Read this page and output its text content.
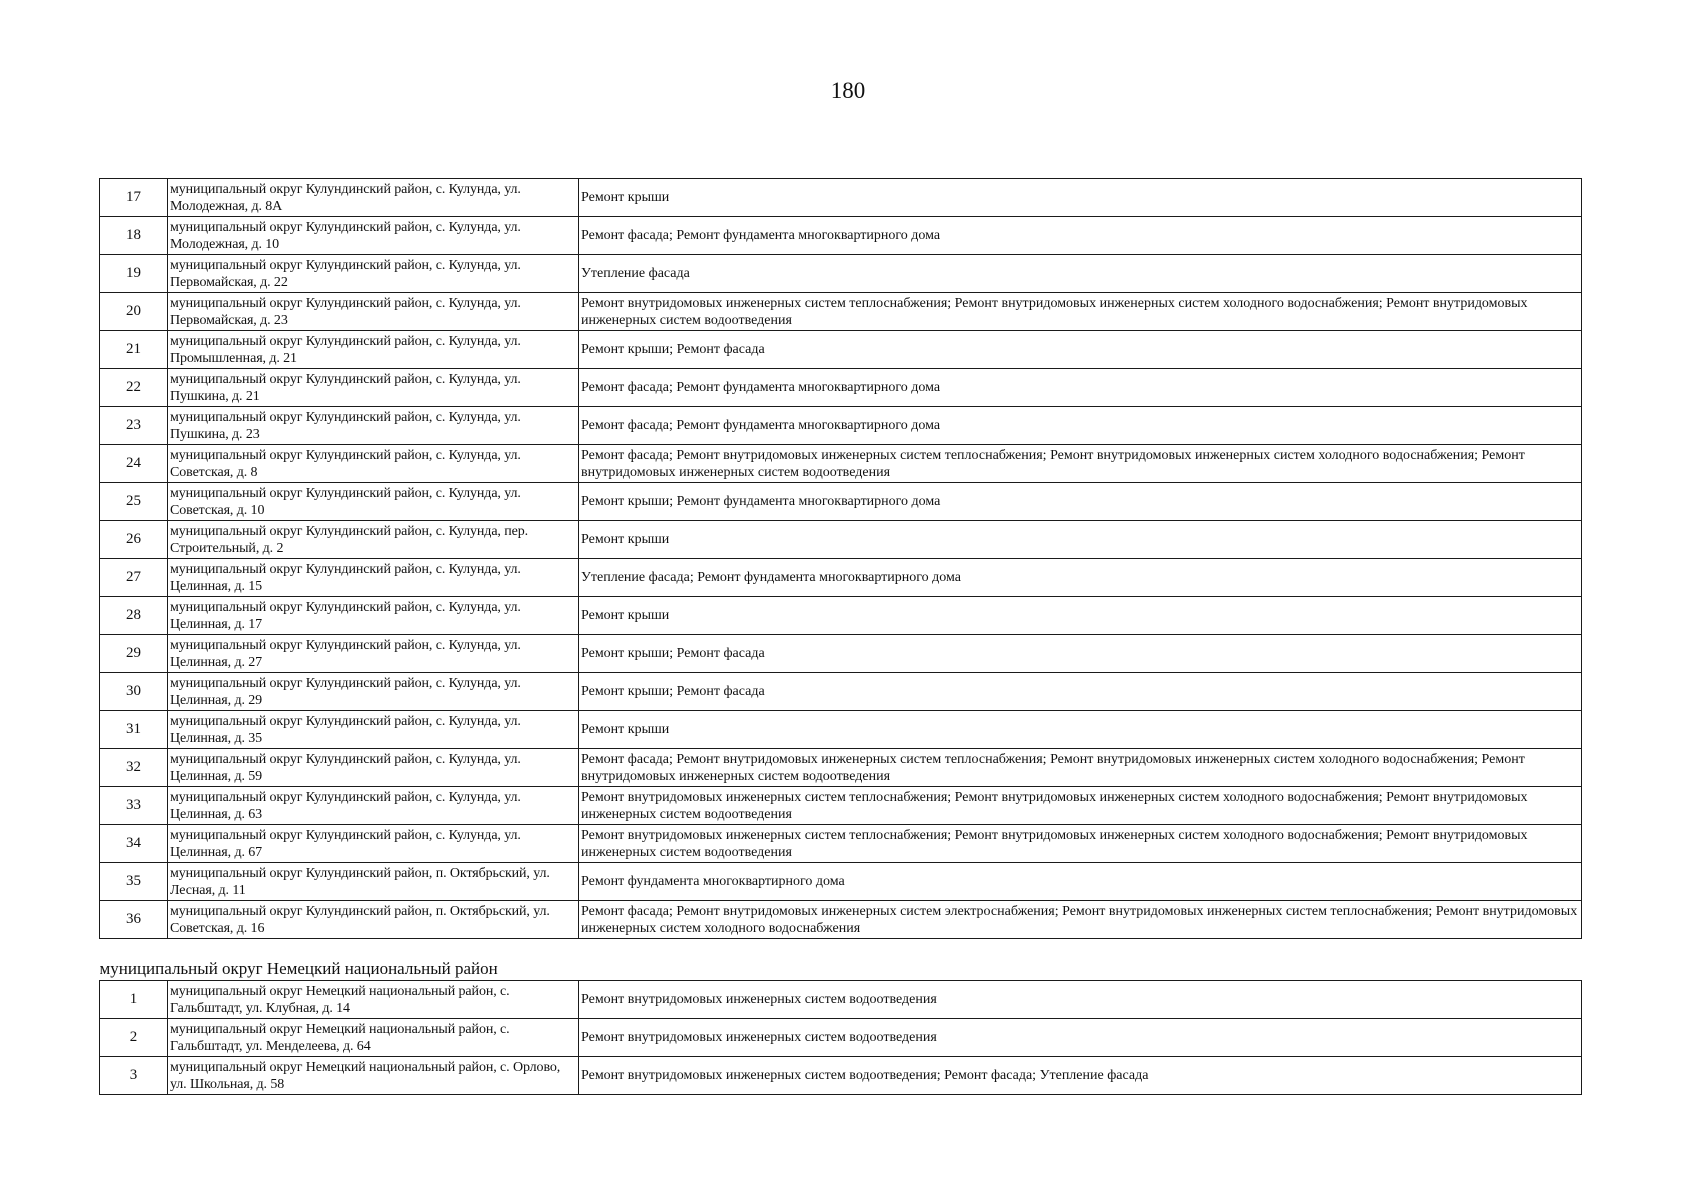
180
17	муниципальный округ Кулундинский район, с. Кулунда, ул. Молодежная, д. 8А	Ремонт крыши
18	муниципальный округ Кулундинский район, с. Кулунда, ул. Молодежная, д. 10	Ремонт фасада; Ремонт фундамента многоквартирного дома
19	муниципальный округ Кулундинский район, с. Кулунда, ул. Первомайская, д. 22	Утепление фасада
20	муниципальный округ Кулундинский район, с. Кулунда, ул. Первомайская, д. 23	Ремонт внутридомовых инженерных систем теплоснабжения; Ремонт внутридомовых инженерных систем холодного водоснабжения; Ремонт внутридомовых инженерных систем водоотведения
21	муниципальный округ Кулундинский район, с. Кулунда, ул. Промышленная, д. 21	Ремонт крыши; Ремонт фасада
22	муниципальный округ Кулундинский район, с. Кулунда, ул. Пушкина, д. 21	Ремонт фасада; Ремонт фундамента многоквартирного дома
23	муниципальный округ Кулундинский район, с. Кулунда, ул. Пушкина, д. 23	Ремонт фасада; Ремонт фундамента многоквартирного дома
24	муниципальный округ Кулундинский район, с. Кулунда, ул. Советская, д. 8	Ремонт фасада; Ремонт внутридомовых инженерных систем теплоснабжения; Ремонт внутридомовых инженерных систем холодного водоснабжения; Ремонт внутридомовых инженерных систем водоотведения
25	муниципальный округ Кулундинский район, с. Кулунда, ул. Советская, д. 10	Ремонт крыши; Ремонт фундамента многоквартирного дома
26	муниципальный округ Кулундинский район, с. Кулунда, пер. Строительный, д. 2	Ремонт крыши
27	муниципальный округ Кулундинский район, с. Кулунда, ул. Целинная, д. 15	Утепление фасада; Ремонт фундамента многоквартирного дома
28	муниципальный округ Кулундинский район, с. Кулунда, ул. Целинная, д. 17	Ремонт крыши
29	муниципальный округ Кулундинский район, с. Кулунда, ул. Целинная, д. 27	Ремонт крыши; Ремонт фасада
30	муниципальный округ Кулундинский район, с. Кулунда, ул. Целинная, д. 29	Ремонт крыши; Ремонт фасада
31	муниципальный округ Кулундинский район, с. Кулунда, ул. Целинная, д. 35	Ремонт крыши
32	муниципальный округ Кулундинский район, с. Кулунда, ул. Целинная, д. 59	Ремонт фасада; Ремонт внутридомовых инженерных систем теплоснабжения; Ремонт внутридомовых инженерных систем холодного водоснабжения; Ремонт внутридомовых инженерных систем водоотведения
33	муниципальный округ Кулундинский район, с. Кулунда, ул. Целинная, д. 63	Ремонт внутридомовых инженерных систем теплоснабжения; Ремонт внутридомовых инженерных систем холодного водоснабжения; Ремонт внутридомовых инженерных систем водоотведения
34	муниципальный округ Кулундинский район, с. Кулунда, ул. Целинная, д. 67	Ремонт внутридомовых инженерных систем теплоснабжения; Ремонт внутридомовых инженерных систем холодного водоснабжения; Ремонт внутридомовых инженерных систем водоотведения
35	муниципальный округ Кулундинский район, п. Октябрьский, ул. Лесная, д. 11	Ремонт фундамента многоквартирного дома
36	муниципальный округ Кулундинский район, п. Октябрьский, ул. Советская, д. 16	Ремонт фасада; Ремонт внутридомовых инженерных систем электроснабжения; Ремонт внутридомовых инженерных систем теплоснабжения; Ремонт внутридомовых инженерных систем холодного водоснабжения
муниципальный округ Немецкий национальный район		
1	муниципальный округ Немецкий национальный район, с. Гальбштадт, ул. Клубная, д. 14	Ремонт внутридомовых инженерных систем водоотведения
2	муниципальный округ Немецкий национальный район, с. Гальбштадт, ул. Менделеева, д. 64	Ремонт внутридомовых инженерных систем водоотведения
3	муниципальный округ Немецкий национальный район, с. Орлово, ул. Школьная, д. 58	Ремонт внутридомовых инженерных систем водоотведения; Ремонт фасада; Утепление фасада
